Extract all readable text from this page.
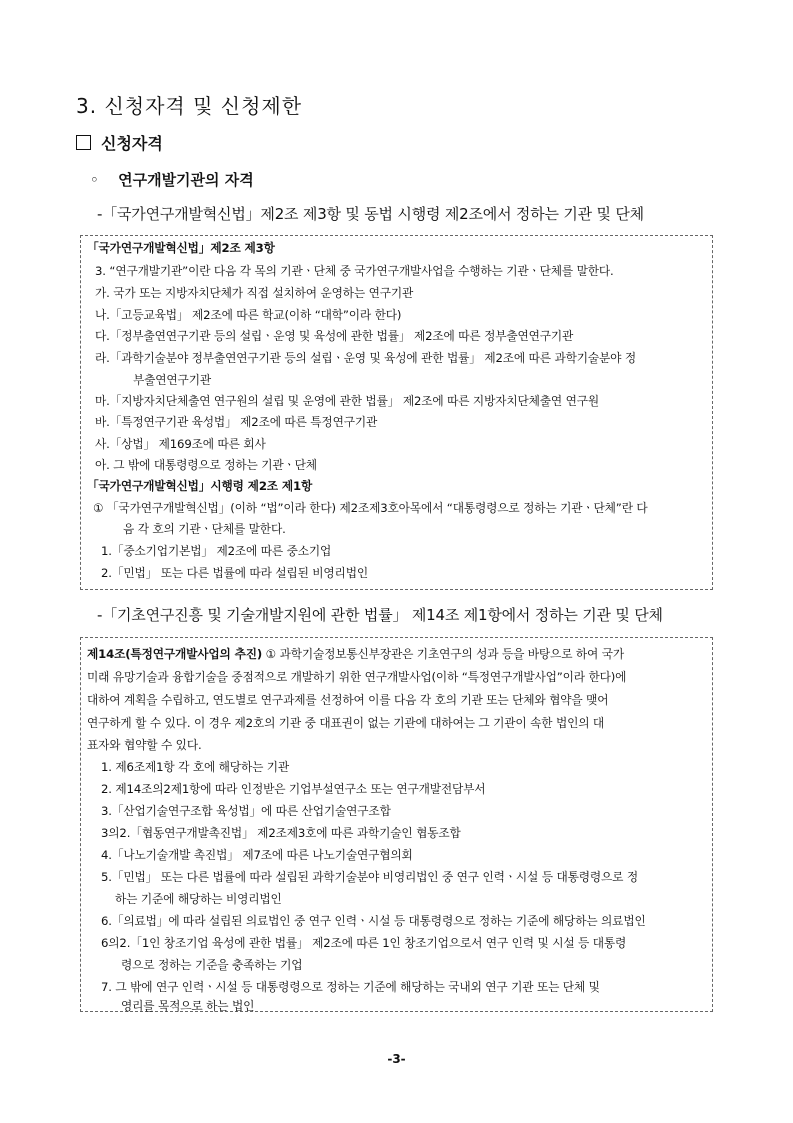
3. 신청자격 및 신청제한
신청자격
◦ 연구개발기관의 자격
-「국가연구개발혁신법」제2조 제3항 및 동법 시행령 제2조에서 정하는 기관 및 단체
「국가연구개발혁신법」제2조 제3항
3. “연구개발기관”이란 다음 각 목의 기관ㆍ단체 중 국가연구개발사업을 수행하는 기관ㆍ단체를 말한다.
가. 국가 또는 지방자치단체가 직접 설치하여 운영하는 연구기관
나.「고등교육법」 제2조에 따른 학교(이하 “대학”이라 한다)
다.「정부출연연구기관 등의 설립ㆍ운영 및 육성에 관한 법률」 제2조에 따른 정부출연연구기관
라.「과학기술분야 정부출연연구기관 등의 설립ㆍ운영 및 육성에 관한 법률」 제2조에 따른 과학기술분야 정
부출연연구기관
마.「지방자치단체출연 연구원의 설립 및 운영에 관한 법률」 제2조에 따른 지방자치단체출연 연구원
바.「특정연구기관 육성법」 제2조에 따른 특정연구기관
사.「상법」 제169조에 따른 회사
아. 그 밖에 대통령령으로 정하는 기관ㆍ단체
「국가연구개발혁신법」시행령 제2조 제1항
① 「국가연구개발혁신법」(이하 “법”이라 한다) 제2조제3호아목에서 “대통령령으로 정하는 기관ㆍ단체”란 다
음 각 호의 기관ㆍ단체를 말한다.
1.「중소기업기본법」 제2조에 따른 중소기업
2.「민법」 또는 다른 법률에 따라 설립된 비영리법인
-「기초연구진흥 및 기술개발지원에 관한 법률」 제14조 제1항에서 정하는 기관 및 단체
제14조(특정연구개발사업의 추진) ① 과학기술정보통신부장관은 기초연구의 성과 등을 바탕으로 하여 국가
미래 유망기술과 융합기술을 중점적으로 개발하기 위한 연구개발사업(이하 “특정연구개발사업”이라 한다)에
대하여 계획을 수립하고, 연도별로 연구과제를 선정하여 이를 다음 각 호의 기관 또는 단체와 협약을 맺어
연구하게 할 수 있다. 이 경우 제2호의 기관 중 대표권이 없는 기관에 대하여는 그 기관이 속한 법인의 대
표자와 협약할 수 있다.
1. 제6조제1항 각 호에 해당하는 기관
2. 제14조의2제1항에 따라 인정받은 기업부설연구소 또는 연구개발전담부서
3.「산업기술연구조합 육성법」에 따른 산업기술연구조합
3의2.「협동연구개발촉진법」 제2조제3호에 따른 과학기술인 협동조합
4.「나노기술개발 촉진법」 제7조에 따른 나노기술연구협의회
5.「민법」 또는 다른 법률에 따라 설립된 과학기술분야 비영리법인 중 연구 인력ㆍ시설 등 대통령령으로 정
하는 기준에 해당하는 비영리법인
6.「의료법」에 따라 설립된 의료법인 중 연구 인력ㆍ시설 등 대통령령으로 정하는 기준에 해당하는 의료법인
6의2.「1인 창조기업 육성에 관한 법률」 제2조에 따른 1인 창조기업으로서 연구 인력 및 시설 등 대통령
령으로 정하는 기준을 충족하는 기업
7. 그 밖에 연구 인력ㆍ시설 등 대통령령으로 정하는 기준에 해당하는 국내외 연구 기관 또는 단체 및
영리를 목적으로 하는 법인
-3-
